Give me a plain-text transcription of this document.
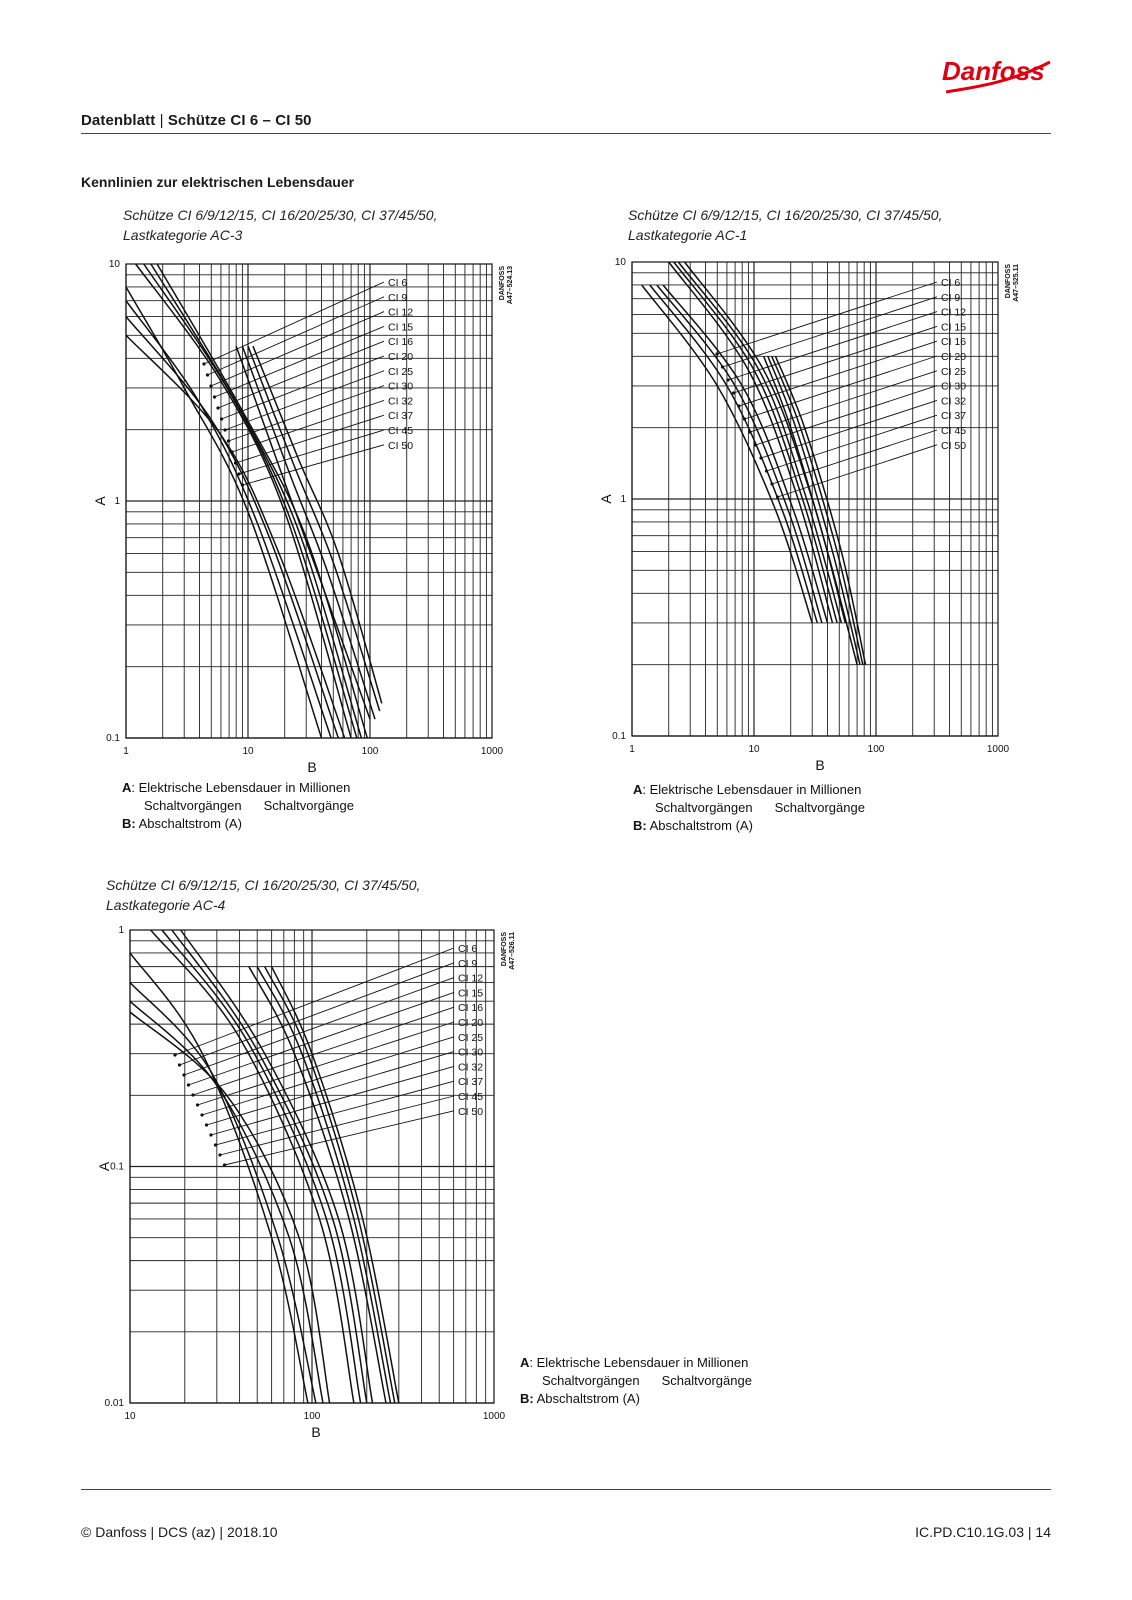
Danfoss
Datenblatt | Schütze CI 6 – CI 50
Kennlinien zur elektrischen Lebensdauer
Schütze CI 6/9/12/15, CI 16/20/25/30, CI 37/45/50,
Lastkategorie AC-3
1	10	100	1000
0.1
1
10
B
A
DANFOSS A47–524.13
CI 6
CI 9
CI 12
CI 15
CI 16
CI 20
CI 25
CI 30
CI 32
CI 37
CI 45
CI 50
A: Elektrische Lebensdauer in Millionen
Schaltvorgängen Schaltvorgänge
B: Abschaltstrom (A)
Schütze CI 6/9/12/15, CI 16/20/25/30, CI 37/45/50,
Lastkategorie AC-1
1	10	100	1000
0.1
1
10
B
A
DANFOSS A47–525.11
CI 6
CI 9
CI 12
CI 15
CI 16
CI 20
CI 25
CI 30
CI 32
CI 37
CI 45
CI 50
A: Elektrische Lebensdauer in Millionen
Schaltvorgängen Schaltvorgänge
B: Abschaltstrom (A)
Schütze CI 6/9/12/15, CI 16/20/25/30, CI 37/45/50,
Lastkategorie AC-4
10	100	1000
0.01
0.1
1
B
A
DANFOSS A47–526.11
CI 6
CI 9
CI 12
CI 15
CI 16
CI 20
CI 25
CI 30
CI 32
CI 37
CI 45
CI 50
A: Elektrische Lebensdauer in Millionen
Schaltvorgängen Schaltvorgänge
B: Abschaltstrom (A)
© Danfoss | DCS (az) | 2018.10	IC.PD.C10.1G.03 | 14
